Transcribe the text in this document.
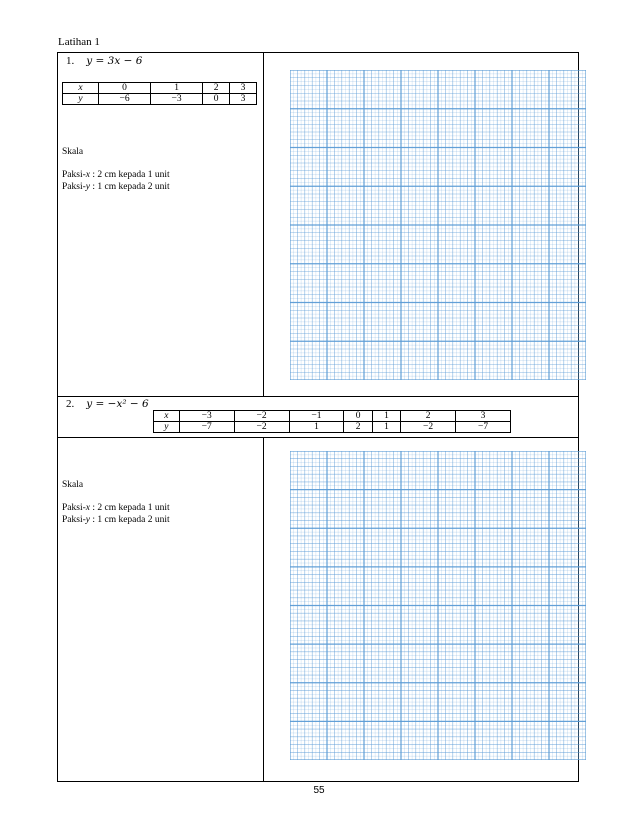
Latihan 1
1. y = 3x − 6
x	0	1	2	3
y	−6	−3	0	3
Skala
Paksi-x : 2 cm kepada 1 unit
Paksi-y : 1 cm kepada 2 unit
2. y = −x² − 6
x	−3	−2	−1	0	1	2	3
y	−7	−2	1	2	1	−2	−7
Skala
Paksi-x : 2 cm kepada 1 unit
Paksi-y : 1 cm kepada 2 unit
55
